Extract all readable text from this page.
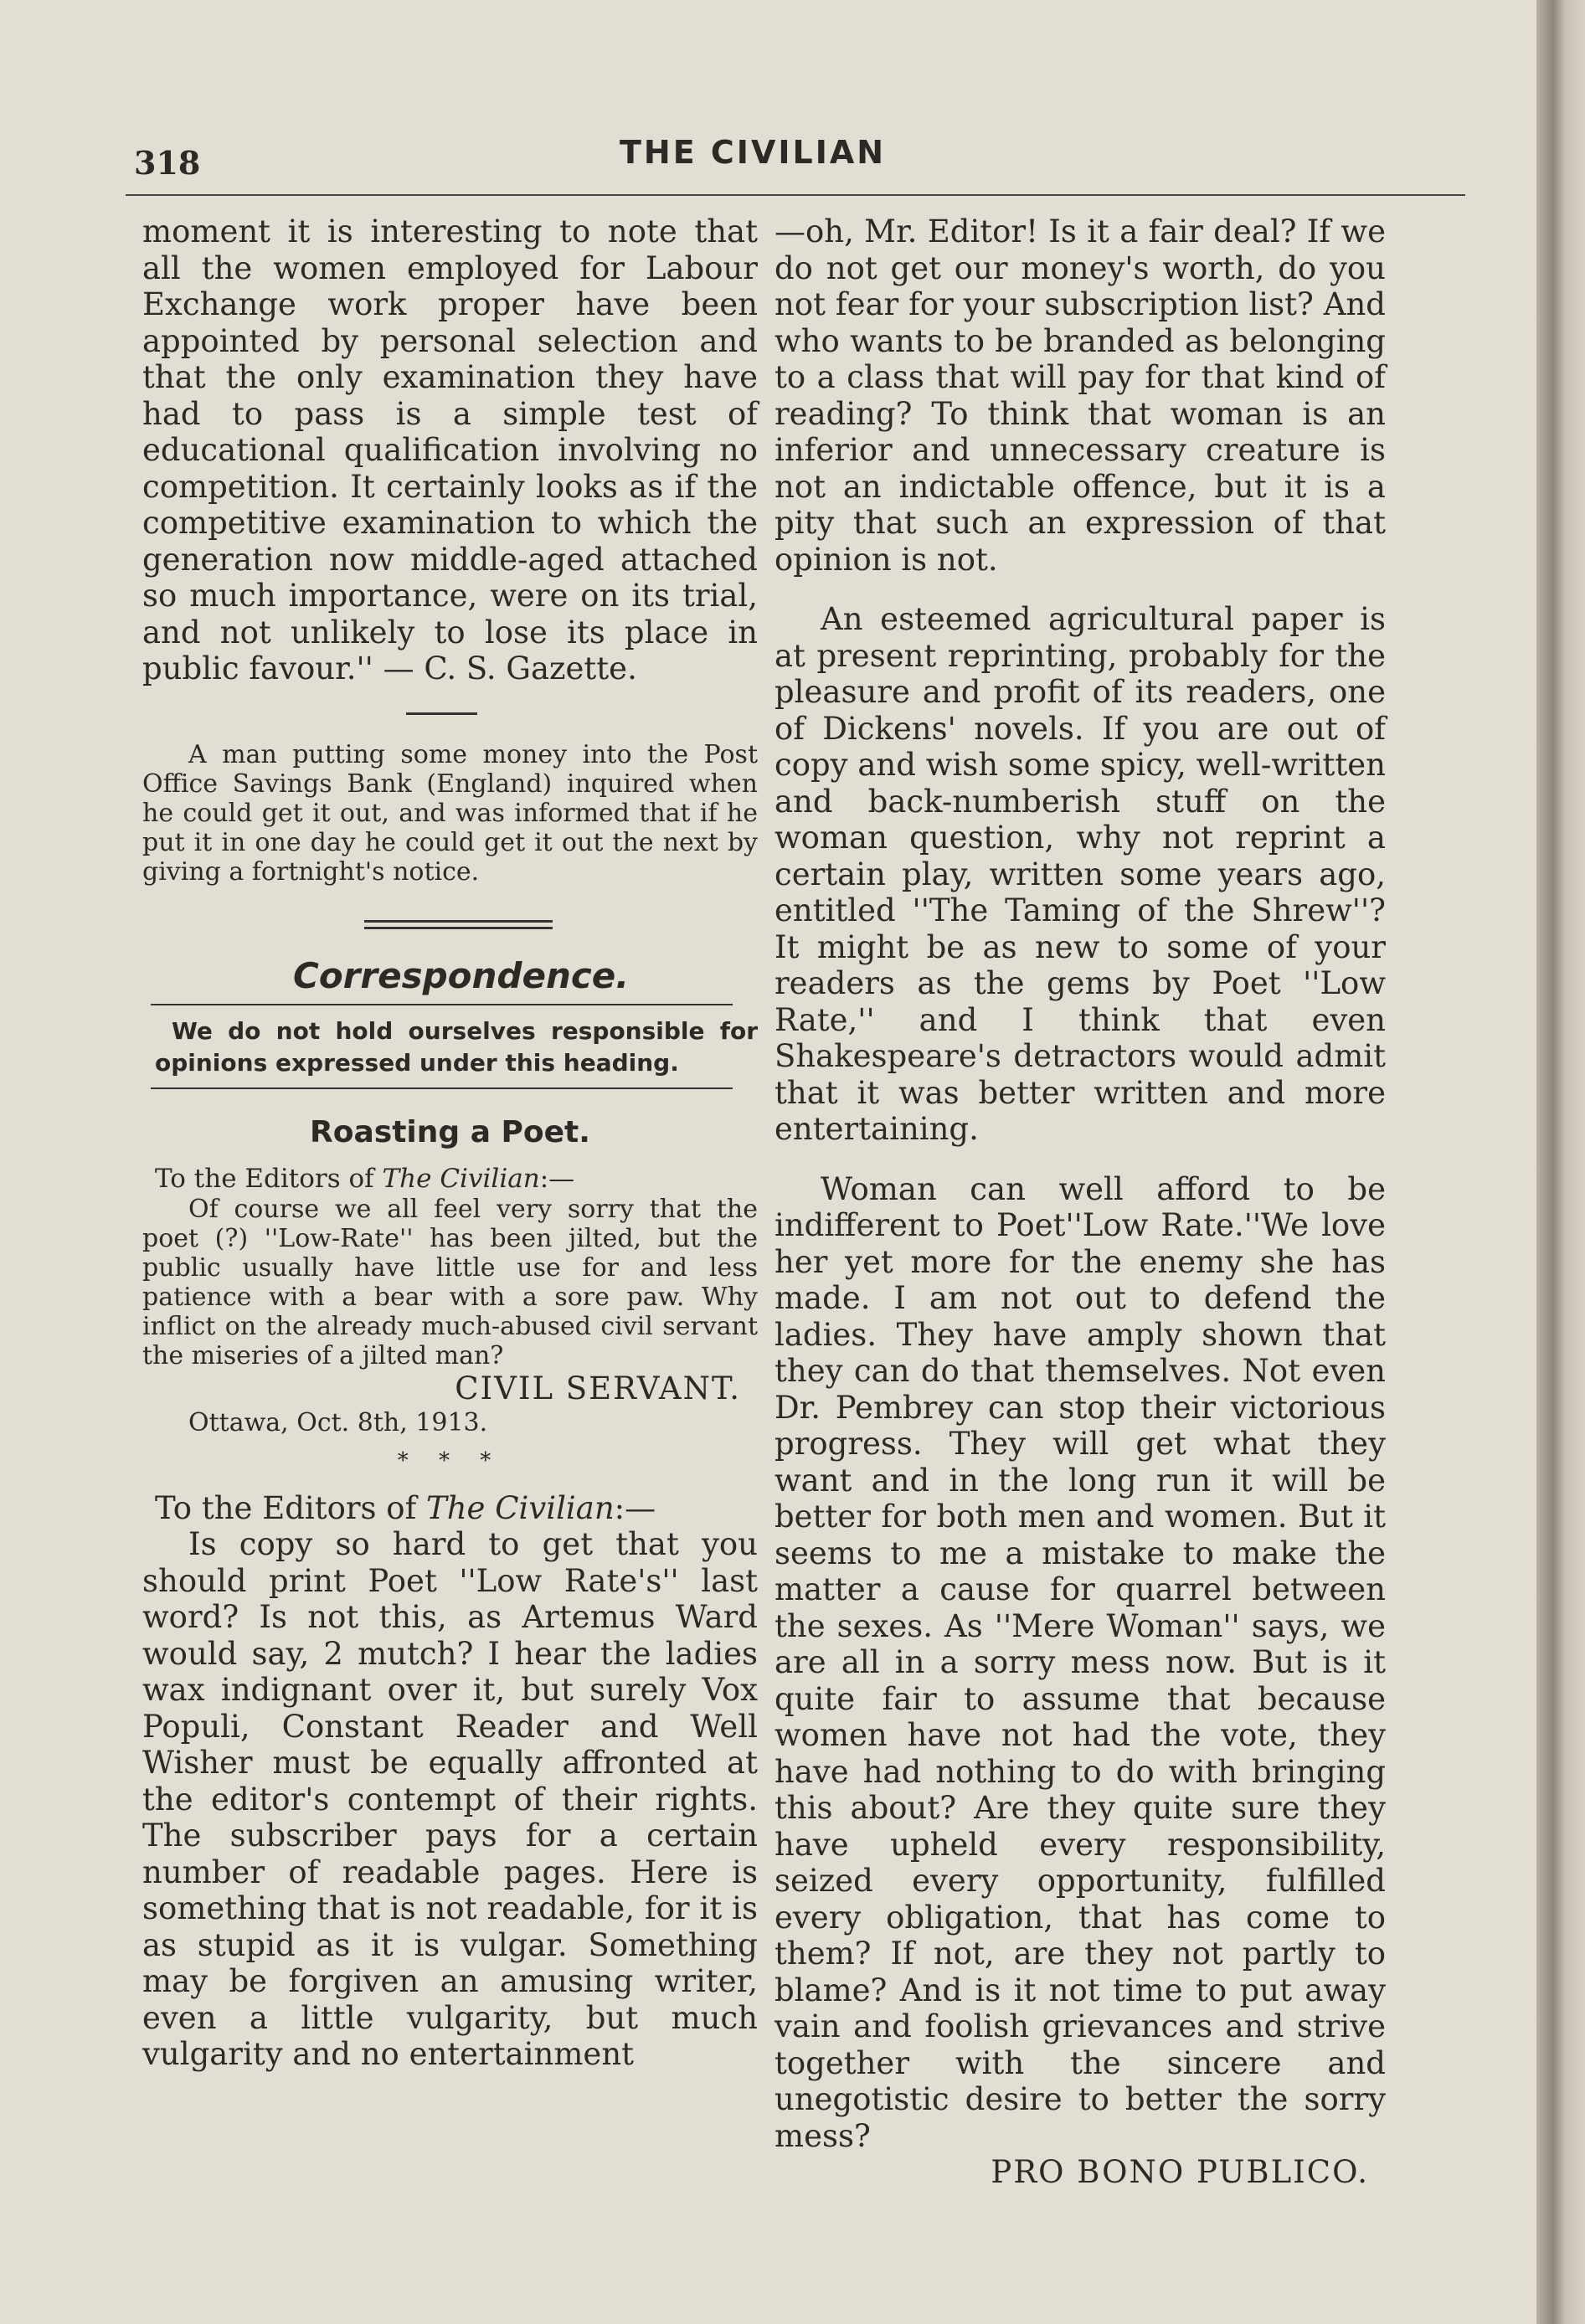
318	THE CIVILIAN

moment it is interesting to note that all the women employed for Labour Exchange work proper have been appointed by personal selection and that the only examination they have had to pass is a simple test of educational qualification involving no competition. It certainly looks as if the competitive examination to which the generation now middle-aged attached so much importance, were on its trial, and not unlikely to lose its place in public favour.'' — C. S. Gazette.

A man putting some money into the Post Office Savings Bank (England) inquired when he could get it out, and was informed that if he put it in one day he could get it out the next by giving a fortnight's notice.

Correspondence.

We do not hold ourselves responsible for opinions expressed under this heading.

Roasting a Poet.
To the Editors of The Civilian:—

Of course we all feel very sorry that the poet (?) ''Low-Rate'' has been jilted, but the public usually have little use for and less patience with a bear with a sore paw. Why inflict on the already much-abused civil servant the miseries of a jilted man?

CIVIL SERVANT.
Ottawa, Oct. 8th, 1913.
* * *
To the Editors of The Civilian:—

Is copy so hard to get that you should print Poet ''Low Rate's'' last word? Is not this, as Artemus Ward would say, 2 mutch? I hear the ladies wax indignant over it, but surely Vox Populi, Constant Reader and Well Wisher must be equally affronted at the editor's contempt of their rights. The subscriber pays for a certain number of readable pages. Here is something that is not readable, for it is as stupid as it is vulgar. Something may be forgiven an amusing writer, even a little vulgarity, but much vulgarity and no entertainment

—oh, Mr. Editor! Is it a fair deal? If we do not get our money's worth, do you not fear for your subscription list? And who wants to be branded as belonging to a class that will pay for that kind of reading? To think that woman is an inferior and unnecessary creature is not an indictable offence, but it is a pity that such an expression of that opinion is not.

An esteemed agricultural paper is at present reprinting, probably for the pleasure and profit of its readers, one of Dickens' novels. If you are out of copy and wish some spicy, well-written and back-numberish stuff on the woman question, why not reprint a certain play, written some years ago, entitled ''The Taming of the Shrew''? It might be as new to some of your readers as the gems by Poet ''Low Rate,'' and I think that even Shakespeare's detractors would admit that it was better written and more entertaining.

Woman can well afford to be indifferent to Poet''Low Rate.''We love her yet more for the enemy she has made. I am not out to defend the ladies. They have amply shown that they can do that themselves. Not even Dr. Pembrey can stop their victorious progress. They will get what they want and in the long run it will be better for both men and women. But it seems to me a mistake to make the matter a cause for quarrel between the sexes. As ''Mere Woman'' says, we are all in a sorry mess now. But is it quite fair to assume that because women have not had the vote, they have had nothing to do with bringing this about? Are they quite sure they have upheld every responsibility, seized every opportunity, fulfilled every obligation, that has come to them? If not, are they not partly to blame? And is it not time to put away vain and foolish grievances and strive together with the sincere and unegotistic desire to better the sorry mess?

PRO BONO PUBLICO.
